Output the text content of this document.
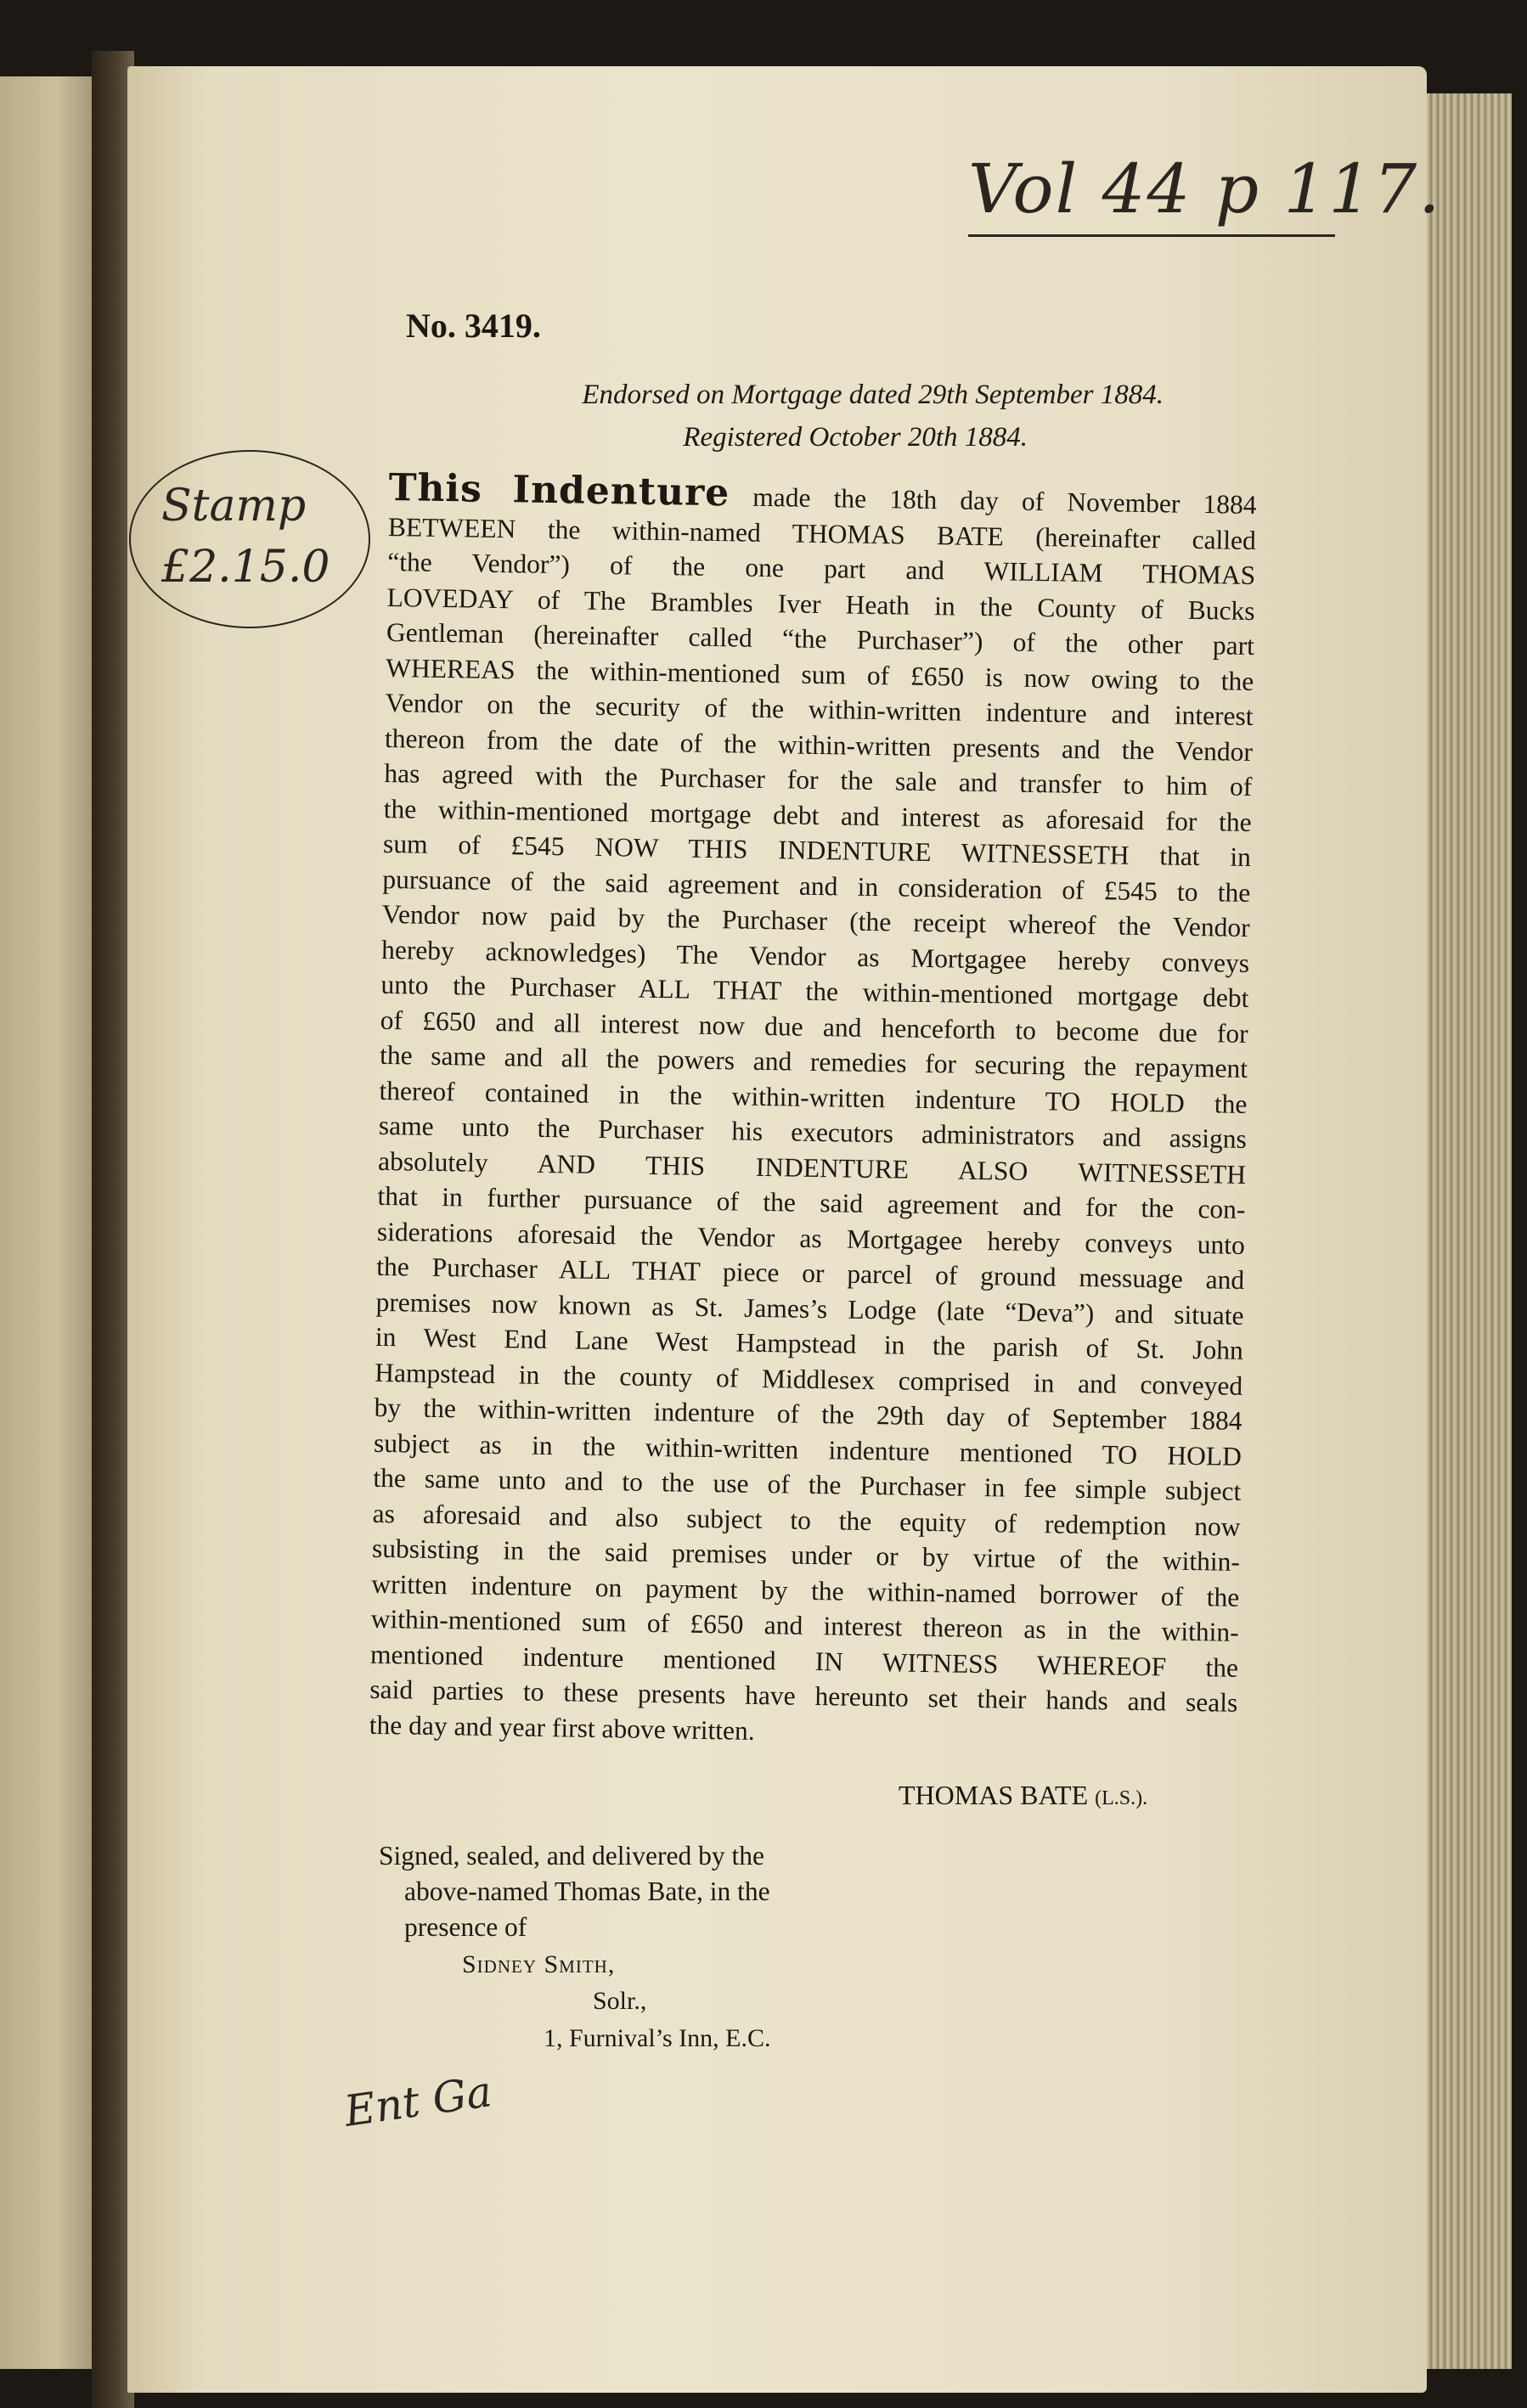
Vol 44 p 117.
Stamp
£2.15.0
No. 3419.
Endorsed on Mortgage dated 29th September 1884.
Registered October 20th 1884.
This Indenture made the 18th day of November 1884
BETWEEN the within-named THOMAS BATE (hereinafter called
“the Vendor”) of the one part and WILLIAM THOMAS
LOVEDAY of The Brambles Iver Heath in the County of Bucks
Gentleman (hereinafter called “the Purchaser”) of the other part
WHEREAS the within-mentioned sum of £650 is now owing to the
Vendor on the security of the within-written indenture and interest
thereon from the date of the within-written presents and the Vendor
has agreed with the Purchaser for the sale and transfer to him of
the within-mentioned mortgage debt and interest as aforesaid for the
sum of £545 NOW THIS INDENTURE WITNESSETH that in
pursuance of the said agreement and in consideration of £545 to the
Vendor now paid by the Purchaser (the receipt whereof the Vendor
hereby acknowledges) The Vendor as Mortgagee hereby conveys
unto the Purchaser ALL THAT the within-mentioned mortgage debt
of £650 and all interest now due and henceforth to become due for
the same and all the powers and remedies for securing the repayment
thereof contained in the within-written indenture TO HOLD the
same unto the Purchaser his executors administrators and assigns
absolutely AND THIS INDENTURE ALSO WITNESSETH
that in further pursuance of the said agreement and for the con-
siderations aforesaid the Vendor as Mortgagee hereby conveys unto
the Purchaser ALL THAT piece or parcel of ground messuage and
premises now known as St. James’s Lodge (late “Deva”) and situate
in West End Lane West Hampstead in the parish of St. John
Hampstead in the county of Middlesex comprised in and conveyed
by the within-written indenture of the 29th day of September 1884
subject as in the within-written indenture mentioned TO HOLD
the same unto and to the use of the Purchaser in fee simple subject
as aforesaid and also subject to the equity of redemption now
subsisting in the said premises under or by virtue of the within-
written indenture on payment by the within-named borrower of the
within-mentioned sum of £650 and interest thereon as in the within-
mentioned indenture mentioned IN WITNESS WHEREOF the
said parties to these presents have hereunto set their hands and seals
the day and year first above written.
THOMAS BATE (L.S.).
Signed, sealed, and delivered by the
above-named Thomas Bate, in the
presence of
Sidney Smith,
Solr.,
1, Furnival’s Inn, E.C.
Ent Ga
